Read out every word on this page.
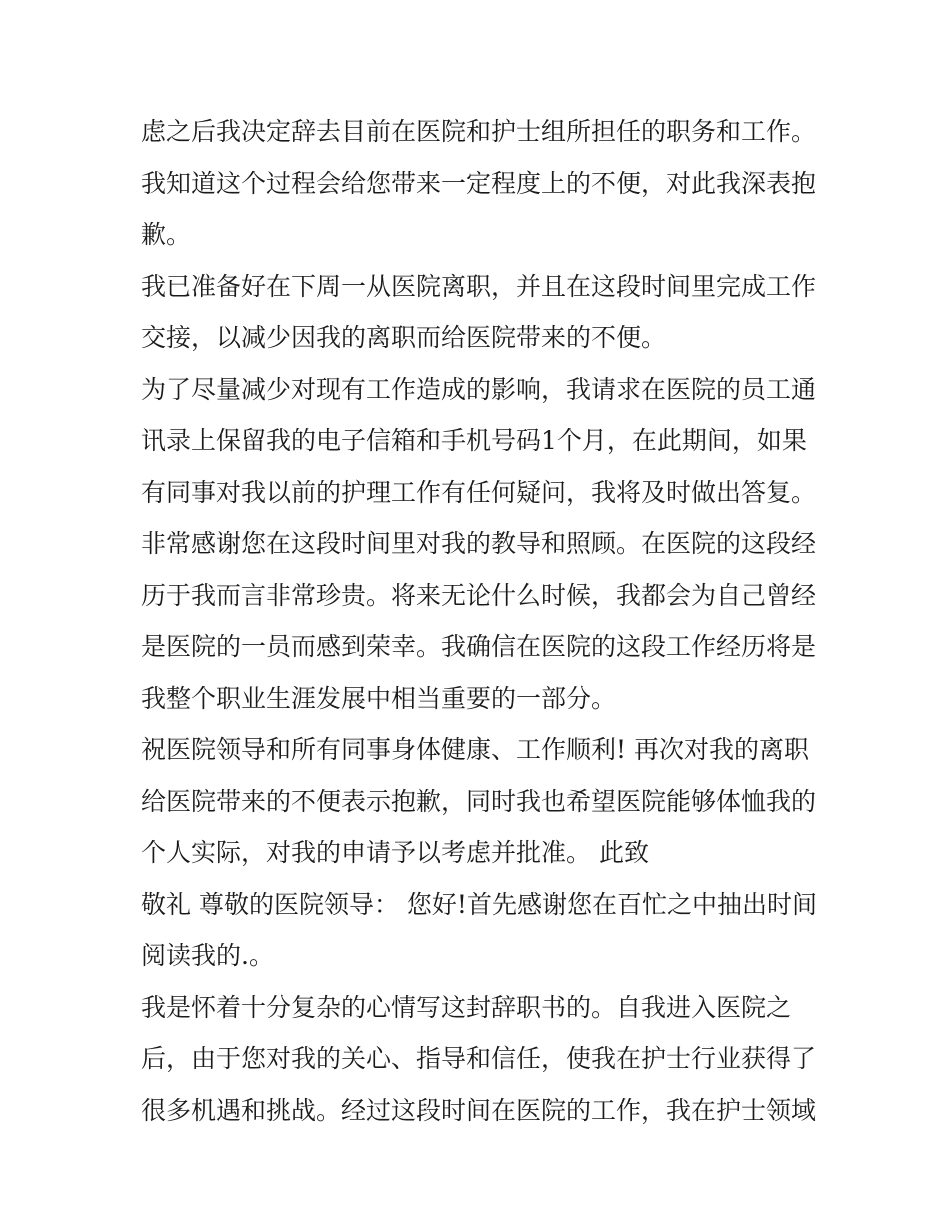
虑之后我决定辞去目前在医院和护士组所担任的职务和工作。
我知道这个过程会给您带来一定程度上的不便，对此我深表抱
歉。
我已准备好在下周一从医院离职，并且在这段时间里完成工作
交接，以减少因我的离职而给医院带来的不便。
为了尽量减少对现有工作造成的影响，我请求在医院的员工通
讯录上保留我的电子信箱和手机号码1个月，在此期间，如果
有同事对我以前的护理工作有任何疑问，我将及时做出答复。
非常感谢您在这段时间里对我的教导和照顾。在医院的这段经
历于我而言非常珍贵。将来无论什么时候，我都会为自己曾经
是医院的一员而感到荣幸。我确信在医院的这段工作经历将是
我整个职业生涯发展中相当重要的一部分。
祝医院领导和所有同事身体健康、工作顺利! 再次对我的离职
给医院带来的不便表示抱歉，同时我也希望医院能够体恤我的
个人实际，对我的申请予以考虑并批准。 此致
敬礼 尊敬的医院领导： 您好!首先感谢您在百忙之中抽出时间
阅读我的.。
我是怀着十分复杂的心情写这封辞职书的。自我进入医院之
后，由于您对我的关心、指导和信任，使我在护士行业获得了
很多机遇和挑战。经过这段时间在医院的工作，我在护士领域
